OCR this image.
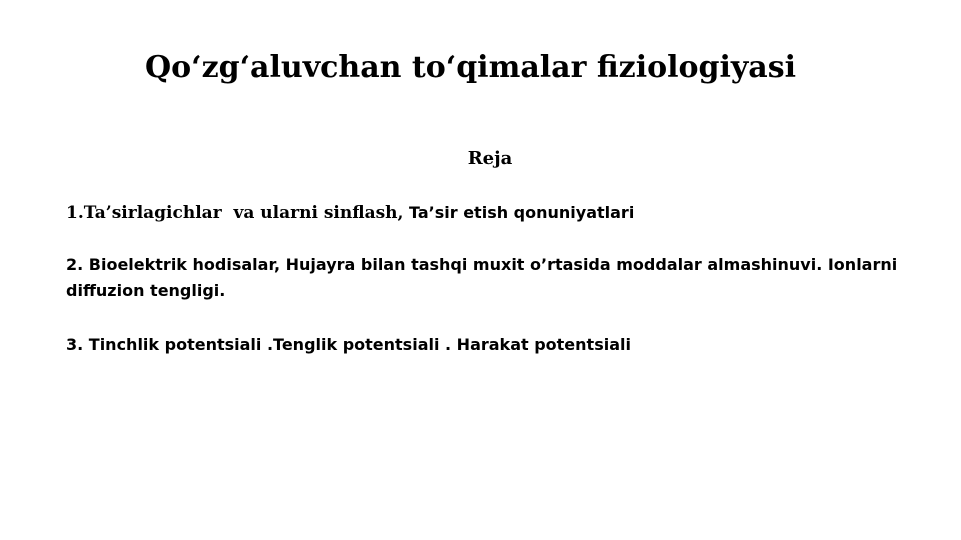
Qo‘zg‘aluvchan to‘qimalar fiziologiyasi

Reja

1.Ta’sirlagichlar  va ularni sinflash, Ta’sir etish qonuniyatlari

2. Bioelektrik hodisalar, Hujayra bilan tashqi muxit o’rtasida moddalar almashinuvi. Ionlarni diffuzion tengligi.

3. Tinchlik potentsiali .Tenglik potentsiali . Harakat potentsiali
